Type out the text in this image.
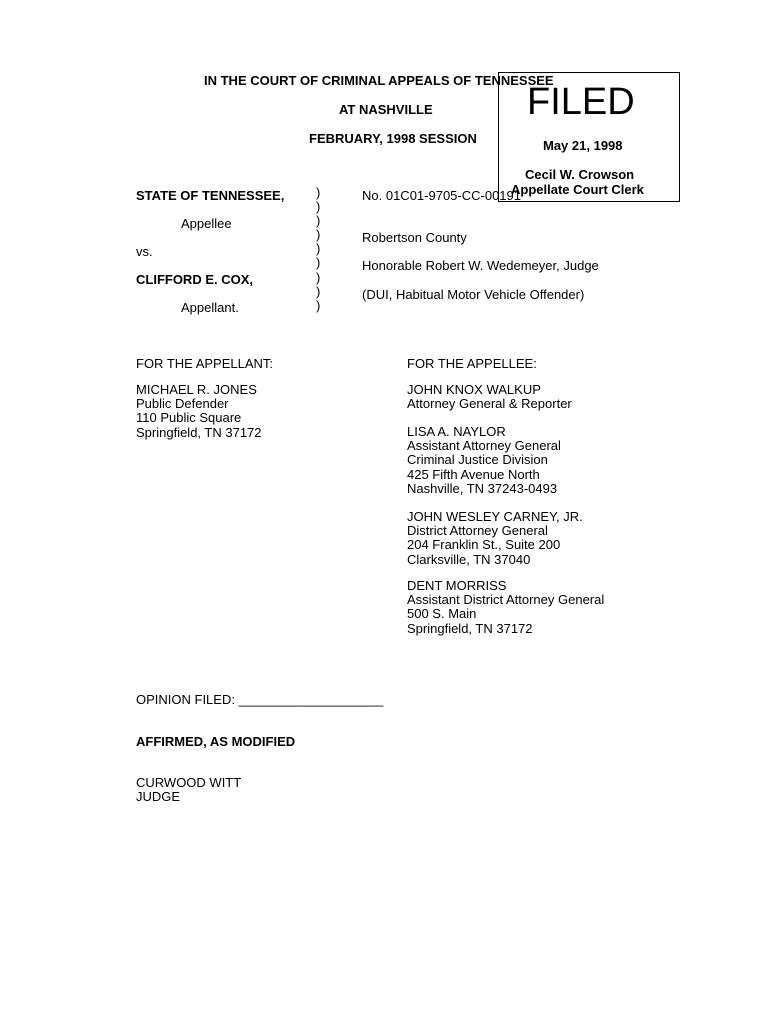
IN THE COURT OF CRIMINAL APPEALS OF TENNESSEE
AT NASHVILLE
FEBRUARY, 1998 SESSION
FILED
May 21, 1998
Cecil W. Crowson
Appellate Court Clerk
STATE OF TENNESSEE,
Appellee
vs.
CLIFFORD E. COX,
Appellant.
)
)
)
)
)
)
)
)
)
No. 01C01-9705-CC-00191
Robertson County
Honorable Robert W. Wedemeyer, Judge
(DUI, Habitual Motor Vehicle Offender)
FOR THE APPELLANT:	FOR THE APPELLEE:
MICHAEL R. JONES
Public Defender
110 Public Square
Springfield, TN 37172
JOHN KNOX WALKUP
Attorney General & Reporter
LISA A. NAYLOR
Assistant Attorney General
Criminal Justice Division
425 Fifth Avenue North
Nashville, TN 37243-0493
JOHN WESLEY CARNEY, JR.
District Attorney General
204 Franklin St., Suite 200
Clarksville, TN 37040
DENT MORRISS
Assistant District Attorney General
500 S. Main
Springfield, TN 37172
OPINION FILED: ____________________
AFFIRMED, AS MODIFIED
CURWOOD WITT
JUDGE
